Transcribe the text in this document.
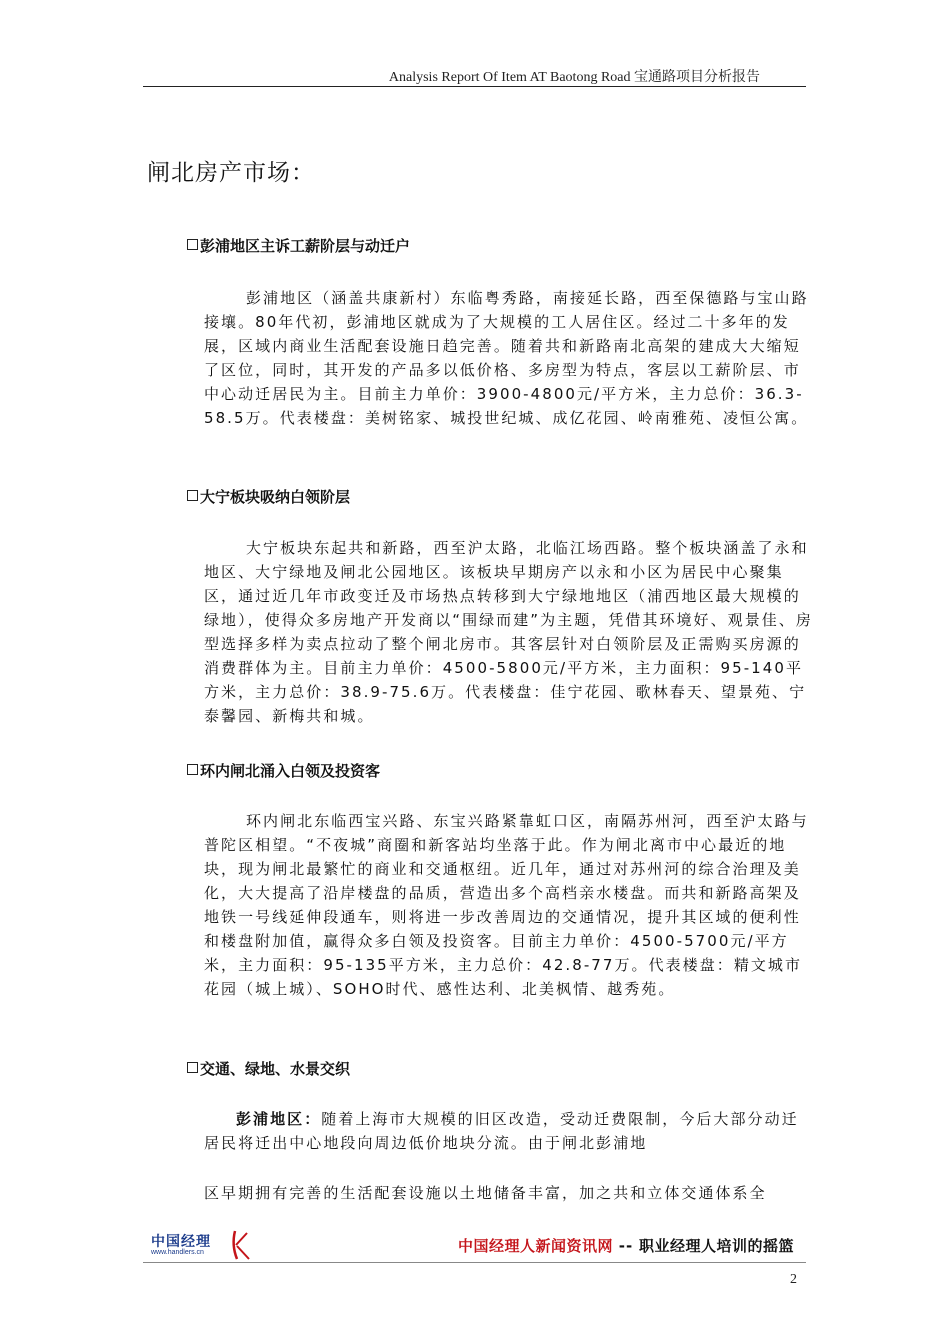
Analysis Report Of Item AT Baotong Road 宝通路项目分析报告
闸北房产市场：
彭浦地区主诉工薪阶层与动迁户
彭浦地区（涵盖共康新村）东临粤秀路，南接延长路，西至保德路与宝山路接壤。80年代初，彭浦地区就成为了大规模的工人居住区。经过二十多年的发展，区域内商业生活配套设施日趋完善。随着共和新路南北高架的建成大大缩短了区位，同时，其开发的产品多以低价格、多房型为特点，客层以工薪阶层、市中心动迁居民为主。目前主力单价：3900-4800元/平方米，主力总价：36.3-58.5万。代表楼盘：美树铭家、城投世纪城、成亿花园、岭南雅苑、凌恒公寓。
大宁板块吸纳白领阶层
大宁板块东起共和新路，西至沪太路，北临江场西路。整个板块涵盖了永和地区、大宁绿地及闸北公园地区。该板块早期房产以永和小区为居民中心聚集区，通过近几年市政变迁及市场热点转移到大宁绿地地区（浦西地区最大规模的绿地），使得众多房地产开发商以“围绿而建”为主题，凭借其环境好、观景佳、房型选择多样为卖点拉动了整个闸北房市。其客层针对白领阶层及正需购买房源的消费群体为主。目前主力单价：4500-5800元/平方米，主力面积：95-140平方米，主力总价：38.9-75.6万。代表楼盘：佳宁花园、歌林春天、望景苑、宁泰馨园、新梅共和城。
环内闸北涌入白领及投资客
环内闸北东临西宝兴路、东宝兴路紧靠虹口区，南隔苏州河，西至沪太路与普陀区相望。“不夜城”商圈和新客站均坐落于此。作为闸北离市中心最近的地块，现为闸北最繁忙的商业和交通枢纽。近几年，通过对苏州河的综合治理及美化，大大提高了沿岸楼盘的品质，营造出多个高档亲水楼盘。而共和新路高架及地铁一号线延伸段通车，则将进一步改善周边的交通情况，提升其区域的便利性和楼盘附加值，赢得众多白领及投资客。目前主力单价：4500-5700元/平方米，主力面积：95-135平方米，主力总价：42.8-77万。代表楼盘：精文城市花园（城上城）、SOHO时代、感性达利、北美枫情、越秀苑。
交通、绿地、水景交织
彭浦地区：随着上海市大规模的旧区改造，受动迁费限制，今后大部分动迁居民将迁出中心地段向周边低价地块分流。由于闸北彭浦地
区早期拥有完善的生活配套设施以土地储备丰富，加之共和立体交通体系全
中国经理
www.handlers.cn	中国经理人新闻资讯网 -- 职业经理人培训的摇篮
2
